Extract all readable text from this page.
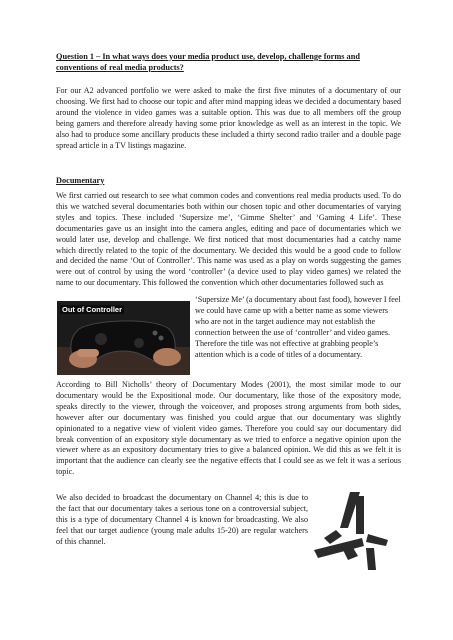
Question 1 – In what ways does your media product use, develop, challenge forms and conventions of real media products?
For our A2 advanced portfolio we were asked to make the first five minutes of a documentary of our choosing. We first had to choose our topic and after mind mapping ideas we decided a documentary based around the violence in video games was a suitable option. This was due to all members off the group being gamers and therefore already having some prior knowledge as well as an interest in the topic. We also had to produce some ancillary products these included a thirty second radio trailer and a double page spread article in a TV listings magazine.
Documentary
We first carried out research to see what common codes and conventions real media products used. To do this we watched several documentaries both within our chosen topic and other documentaries of varying styles and topics. These included ‘Supersize me’, ‘Gimme Shelter’ and ‘Gaming 4 Life’. These documentaries gave us an insight into the camera angles, editing and pace of documentaries which we would later use, develop and challenge. We first noticed that most documentaries had a catchy name which directly related to the topic of the documentary. We decided this would be a good code to follow and decided the name ‘Out of Controller’. This name was used as a play on words suggesting the games were out of control by using the word ‘controller’ (a device used to play video games) we related the name to our documentary. This followed the convention which other documentaries followed such as
Out of Controller
‘Supersize Me’ (a documentary about fast food), however I feel we could have came up with a better name as some viewers who are not in the target audience may not establish the connection between the use of ‘controller’ and video games. Therefore the title was not effective at grabbing people’s attention which is a code of titles of a documentary.
According to Bill Nicholls’ theory of Documentary Modes (2001), the most similar mode to our documentary would be the Expositional mode. Our documentary, like those of the expository mode, speaks directly to the viewer, through the voiceover, and proposes strong arguments from both sides, however after our documentary was finished you could argue that our documentary was slightly opinionated to a negative view of violent video games. Therefore you could say our documentary did break convention of an expository style documentary as we tried to enforce a negative opinion upon the viewer where as an expository documentary tries to give a balanced opinion. We did this as we felt it is important that the audience can clearly see the negative effects that I could see as we felt it was a serious topic.
We also decided to broadcast the documentary on Channel 4; this is due to the fact that our documentary takes a serious tone on a controversial subject, this is a type of documentary Channel 4 is known for broadcasting. We also feel that our target audience (young male adults 15-20) are regular watchers of this channel.
